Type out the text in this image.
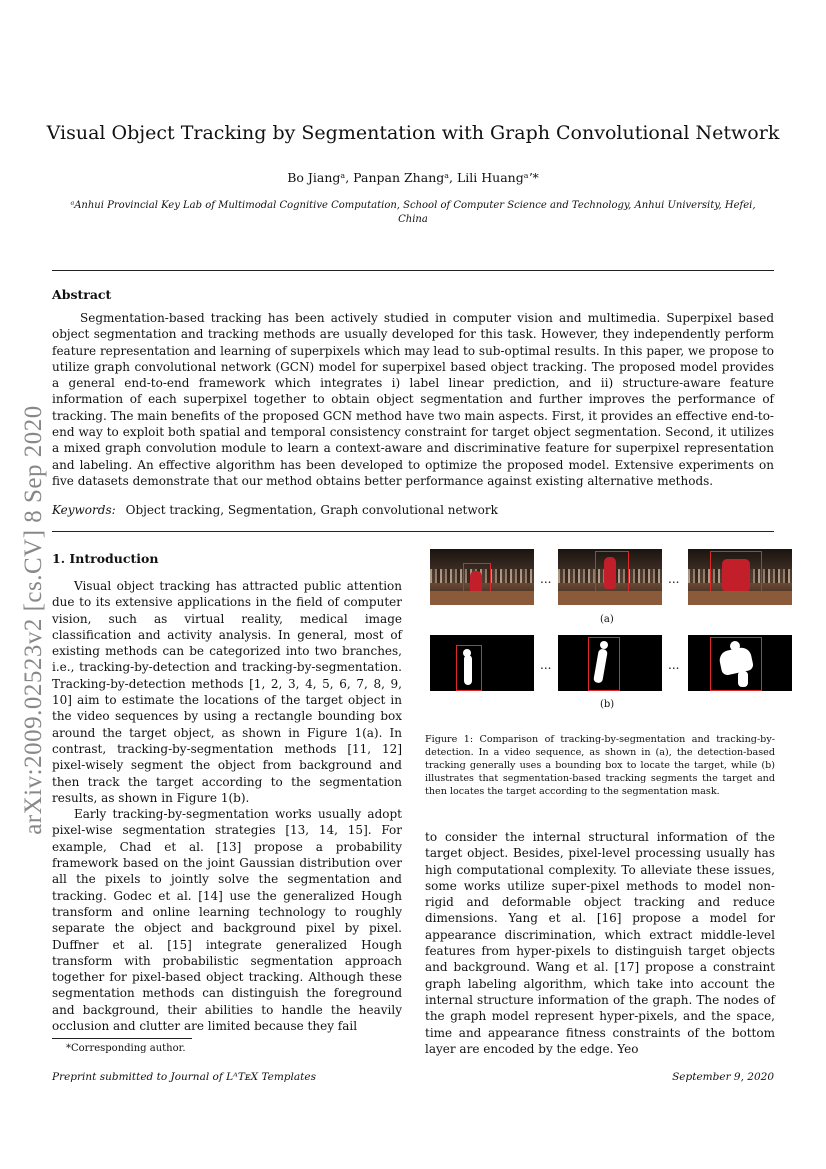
arXiv:2009.02523v2 [cs.CV] 8 Sep 2020
Visual Object Tracking by Segmentation with Graph Convolutional Network
Bo Jiangᵃ, Panpan Zhangᵃ, Lili Huangᵃʼ*
ᵃAnhui Provincial Key Lab of Multimodal Cognitive Computation, School of Computer Science and Technology, Anhui University, Hefei, China
Abstract
Segmentation-based tracking has been actively studied in computer vision and multimedia. Superpixel based object segmentation and tracking methods are usually developed for this task. However, they independently perform feature representation and learning of superpixels which may lead to sub-optimal results. In this paper, we propose to utilize graph convolutional network (GCN) model for superpixel based object tracking. The proposed model provides a general end-to-end framework which integrates i) label linear prediction, and ii) structure-aware feature information of each superpixel together to obtain object segmentation and further improves the performance of tracking. The main benefits of the proposed GCN method have two main aspects. First, it provides an effective end-to-end way to exploit both spatial and temporal consistency constraint for target object segmentation. Second, it utilizes a mixed graph convolution module to learn a context-aware and discriminative feature for superpixel representation and labeling. An effective algorithm has been developed to optimize the proposed model. Extensive experiments on five datasets demonstrate that our method obtains better performance against existing alternative methods.
Keywords: Object tracking, Segmentation, Graph convolutional network
1. Introduction

Visual object tracking has attracted public attention due to its extensive applications in the field of computer vision, such as virtual reality, medical image classification and activity analysis. In general, most of existing methods can be categorized into two branches, i.e., tracking-by-detection and tracking-by-segmentation. Tracking-by-detection methods [1, 2, 3, 4, 5, 6, 7, 8, 9, 10] aim to estimate the locations of the target object in the video sequences by using a rectangle bounding box around the target object, as shown in Figure 1(a). In contrast, tracking-by-segmentation methods [11, 12] pixel-wisely segment the object from background and then track the target according to the segmentation results, as shown in Figure 1(b).

Early tracking-by-segmentation works usually adopt pixel-wise segmentation strategies [13, 14, 15]. For example, Chad et al. [13] propose a probability framework based on the joint Gaussian distribution over all the pixels to jointly solve the segmentation and tracking. Godec et al. [14] use the generalized Hough transform and online learning technology to roughly separate the object and background pixel by pixel. Duffner et al. [15] integrate generalized Hough transform with probabilistic segmentation approach together for pixel-based object tracking. Although these segmentation methods can distinguish the foreground and background, their abilities to handle the heavily occlusion and clutter are limited because they fail

...	...
(a)
...	...
(b)
Figure 1: Comparison of tracking-by-segmentation and tracking-by-detection. In a video sequence, as shown in (a), the detection-based tracking generally uses a bounding box to locate the target, while (b) illustrates that segmentation-based tracking segments the target and then locates the target according to the segmentation mask.
to consider the internal structural information of the target object. Besides, pixel-level processing usually has high computational complexity. To alleviate these issues, some works utilize super-pixel methods to model non-rigid and deformable object tracking and reduce dimensions. Yang et al. [16] propose a model for appearance discrimination, which extract middle-level features from hyper-pixels to distinguish target objects and background. Wang et al. [17] propose a constraint graph labeling algorithm, which take into account the internal structure information of the graph. The nodes of the graph model represent hyper-pixels, and the space, time and appearance fitness constraints of the bottom layer are encoded by the edge. Yeo
*Corresponding author.
Preprint submitted to Journal of LᴬTᴇX Templates	September 9, 2020
